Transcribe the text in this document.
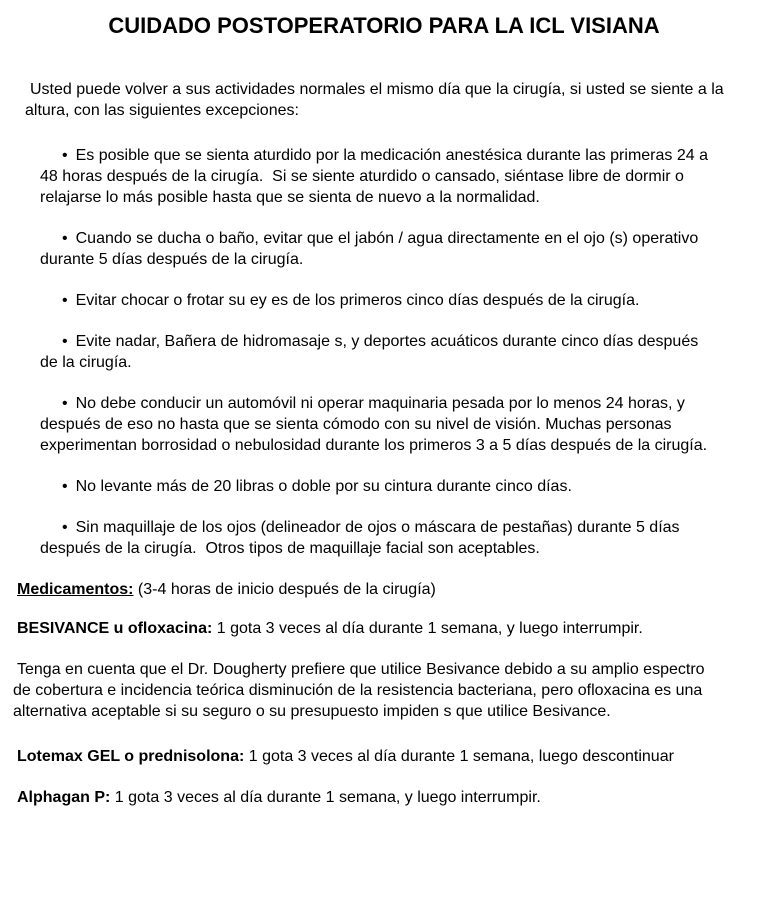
CUIDADO POSTOPERATORIO PARA LA ICL VISIANA

Usted puede volver a sus actividades normales el mismo día que la cirugía, si usted se siente a la altura, con las siguientes excepciones:

• Es posible que se sienta aturdido por la medicación anestésica durante las primeras 24 a 48 horas después de la cirugía.  Si se siente aturdido o cansado, siéntase libre de dormir o relajarse lo más posible hasta que se sienta de nuevo a la normalidad.
• Cuando se ducha o baño, evitar que el jabón / agua directamente en el ojo (s) operativo durante 5 días después de la cirugía.
• Evitar chocar o frotar su ey es de los primeros cinco días después de la cirugía.
• Evite nadar, Bañera de hidromasaje s, y deportes acuáticos durante cinco días después de la cirugía.
• No debe conducir un automóvil ni operar maquinaria pesada por lo menos 24 horas, y después de eso no hasta que se sienta cómodo con su nivel de visión. Muchas personas experimentan borrosidad o nebulosidad durante los primeros 3 a 5 días después de la cirugía.
• No levante más de 20 libras o doble por su cintura durante cinco días.
• Sin maquillaje de los ojos (delineador de ojos o máscara de pestañas) durante 5 días después de la cirugía.  Otros tipos de maquillaje facial son aceptables.

Medicamentos: (3-4 horas de inicio después de la cirugía)

BESIVANCE u ofloxacina: 1 gota 3 veces al día durante 1 semana, y luego interrumpir.

Tenga en cuenta que el Dr. Dougherty prefiere que utilice Besivance debido a su amplio espectro de cobertura e incidencia teórica disminución de la resistencia bacteriana, pero ofloxacina es una alternativa aceptable si su seguro o su presupuesto impiden s que utilice Besivance.

Lotemax GEL o prednisolona: 1 gota 3 veces al día durante 1 semana, luego descontinuar

Alphagan P: 1 gota 3 veces al día durante 1 semana, y luego interrumpir.
